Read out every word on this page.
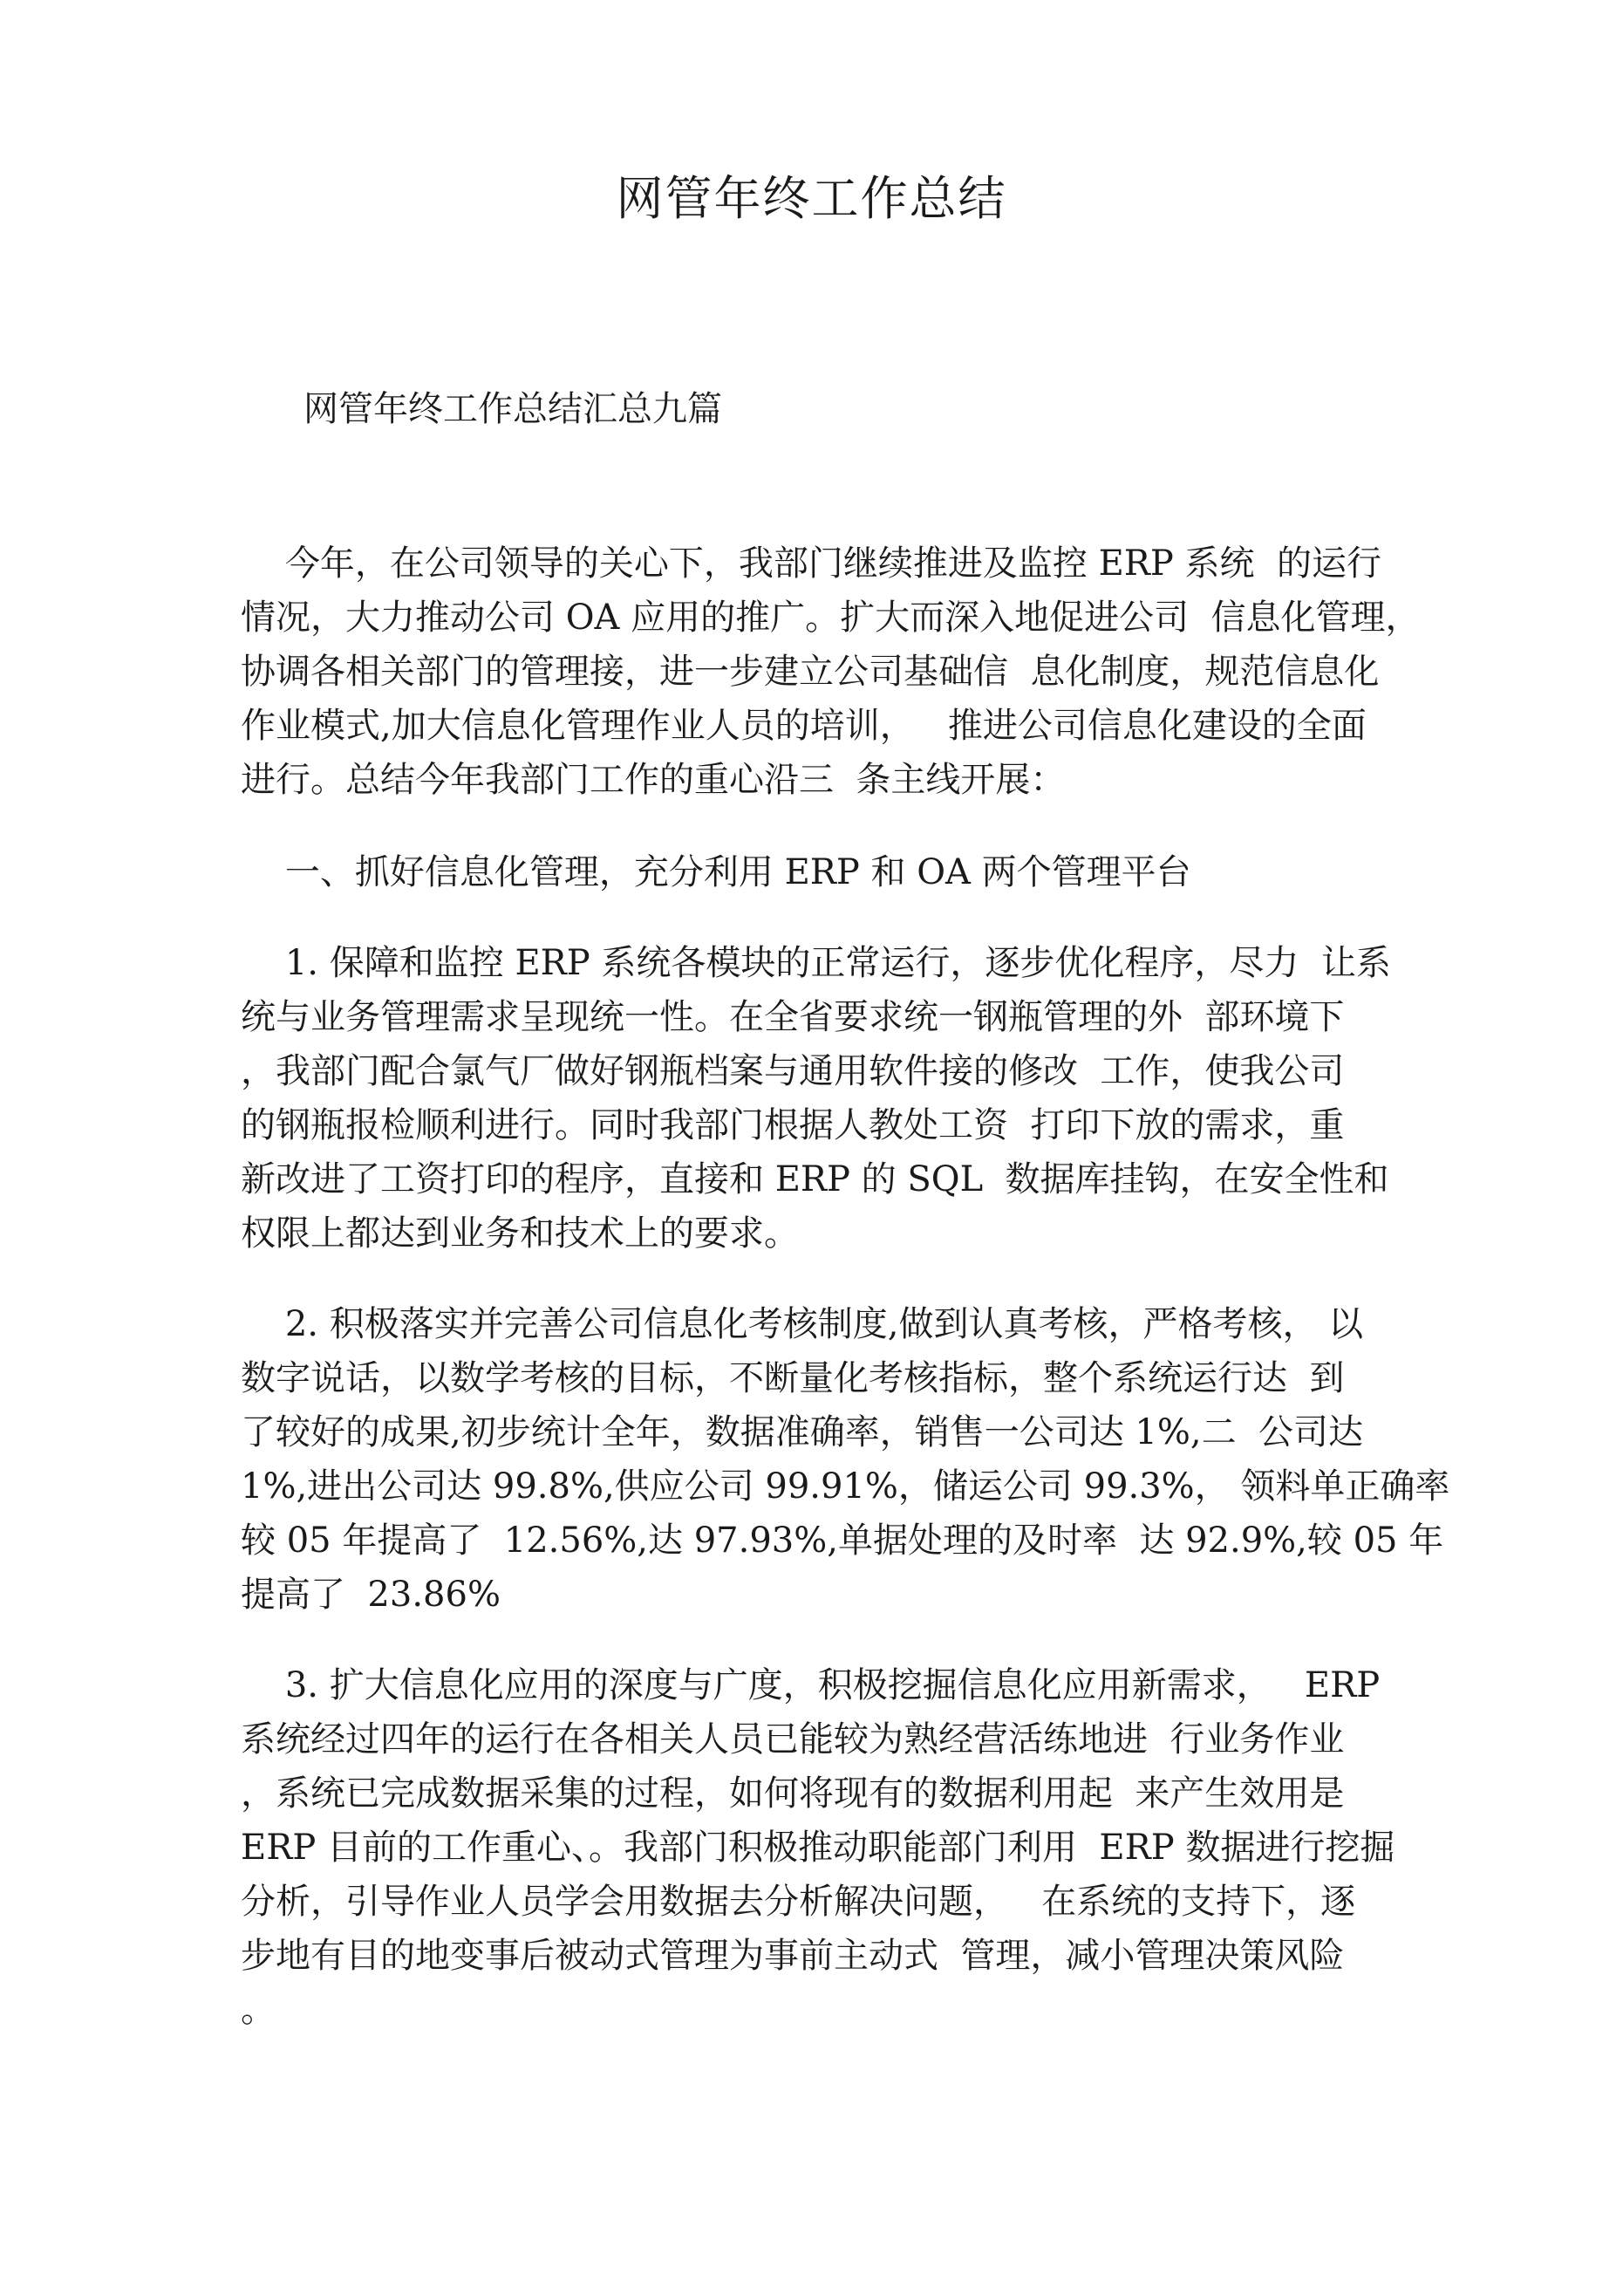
网管年终工作总结
网管年终工作总结汇总九篇
今年，在公司领导的关心下，我部门继续推进及监控 ERP 系统  的运行
情况，大力推动公司 OA 应用的推广。扩大而深入地促进公司  信息化管理，
协调各相关部门的管理接，进一步建立公司基础信  息化制度，规范信息化
作业模式,加大信息化管理作业人员的培训，   推进公司信息化建设的全面
进行。总结今年我部门工作的重心沿三  条主线开展：
一、抓好信息化管理，充分利用 ERP 和 OA 两个管理平台
1. 保障和监控 ERP 系统各模块的正常运行，逐步优化程序，尽力  让系
统与业务管理需求呈现统一性。在全省要求统一钢瓶管理的外  部环境下
，我部门配合氯气厂做好钢瓶档案与通用软件接的修改  工作，使我公司
的钢瓶报检顺利进行。同时我部门根据人教处工资  打印下放的需求，重
新改进了工资打印的程序，直接和 ERP 的 SQL  数据库挂钩，在安全性和
权限上都达到业务和技术上的要求。
2. 积极落实并完善公司信息化考核制度,做到认真考核，严格考核， 以
数字说话，以数学考核的目标，不断量化考核指标，整个系统运行达  到
了较好的成果,初步统计全年，数据准确率，销售一公司达 1%,二  公司达
1%,进出公司达 99.8%,供应公司 99.91%，储运公司 99.3%， 领料单正确率
较 05 年提高了  12.56%,达 97.93%,单据处理的及时率  达 92.9%,较 05 年
提高了  23.86%
3. 扩大信息化应用的深度与广度，积极挖掘信息化应用新需求，   ERP
系统经过四年的运行在各相关人员已能较为熟经营活练地进  行业务作业
，系统已完成数据采集的过程，如何将现有的数据利用起  来产生效用是
ERP 目前的工作重心、。我部门积极推动职能部门利用  ERP 数据进行挖掘
分析，引导作业人员学会用数据去分析解决问题，   在系统的支持下，逐
步地有目的地变事后被动式管理为事前主动式  管理，减小管理决策风险
。
